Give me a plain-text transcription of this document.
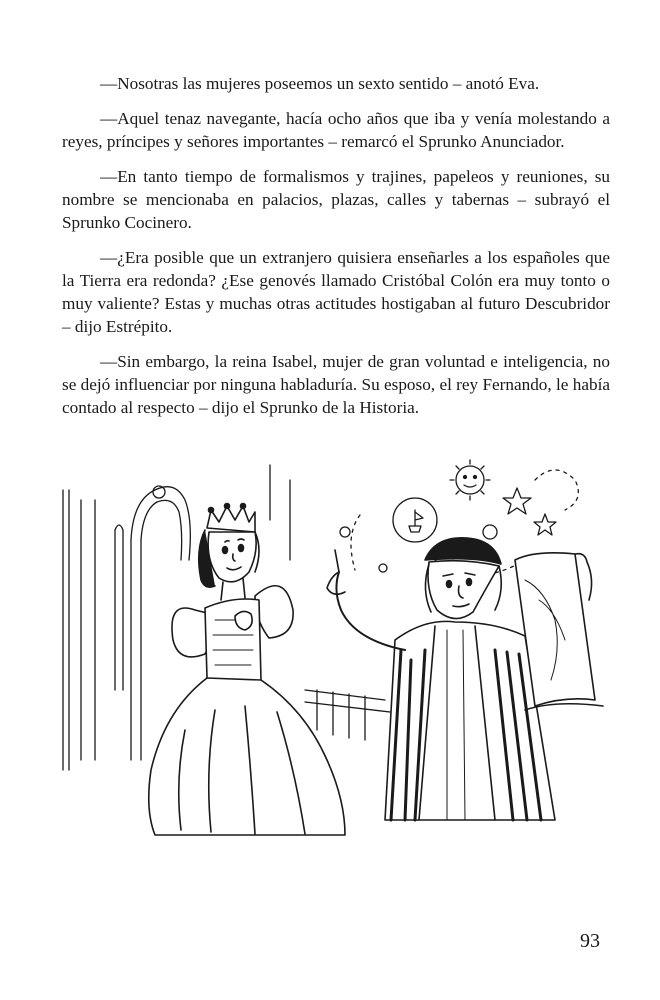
—Nosotras las mujeres poseemos un sexto sentido – anotó Eva.

—Aquel tenaz navegante, hacía ocho años que iba y venía molestando a reyes, príncipes y señores importantes – remarcó el Sprunko Anunciador.

—En tanto tiempo de formalismos y trajines, papeleos y reuniones, su nombre se mencionaba en palacios, plazas, calles y tabernas – subrayó el Sprunko Cocinero.

—¿Era posible que un extranjero quisiera enseñarles a los españoles que la Tierra era redonda? ¿Ese genovés llamado Cristóbal Colón era muy tonto o muy valiente? Estas y muchas otras actitudes hostigaban al futuro Descubridor – dijo Estrépito.

—Sin embargo, la reina Isabel, mujer de gran voluntad e inteligencia, no se dejó influenciar por ninguna habladuría. Su esposo, el rey Fernando, le había contado al respecto – dijo el Sprunko de la Historia.

93
